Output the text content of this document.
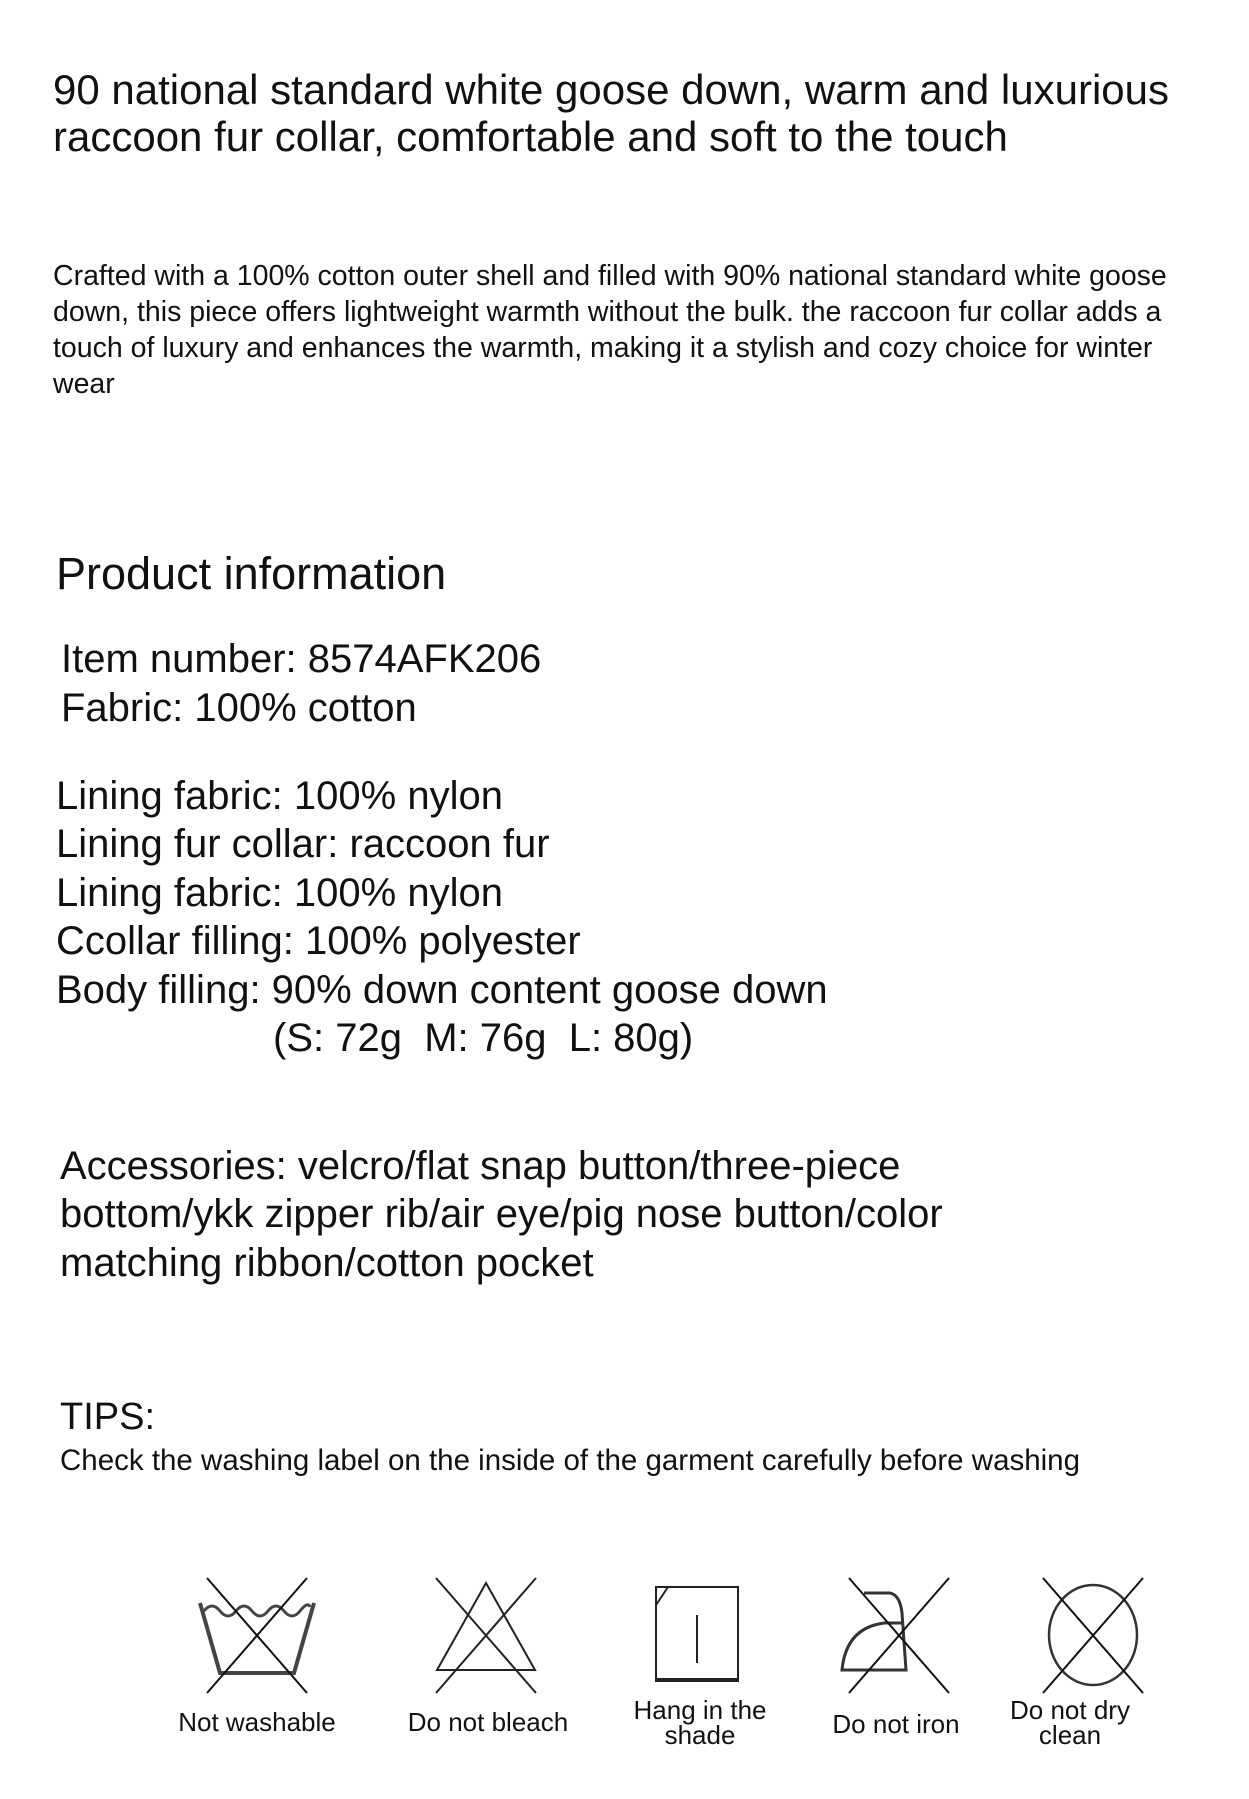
90 national standard white goose down, warm and luxurious raccoon fur collar, comfortable and soft to the touch
Crafted with a 100% cotton outer shell and filled with 90% national standard white goose down, this piece offers lightweight warmth without the bulk. the raccoon fur collar adds a touch of luxury and enhances the warmth, making it a stylish and cozy choice for winter wear
Product information
Item number: 8574AFK206
Fabric: 100% cotton
Lining fabric: 100% nylon
Lining fur collar: raccoon fur
Lining fabric: 100% nylon
Ccollar filling: 100% polyester
Body filling: 90% down content goose down
(S: 72g  M: 76g  L: 80g)
Accessories: velcro/flat snap button/three-piece
bottom/ykk zipper rib/air eye/pig nose button/color
matching ribbon/cotton pocket
TIPS:
Check the washing label on the inside of the garment carefully before washing
Not washable	Do not bleach	Hang in the shade	Do not iron	Do not dry clean
